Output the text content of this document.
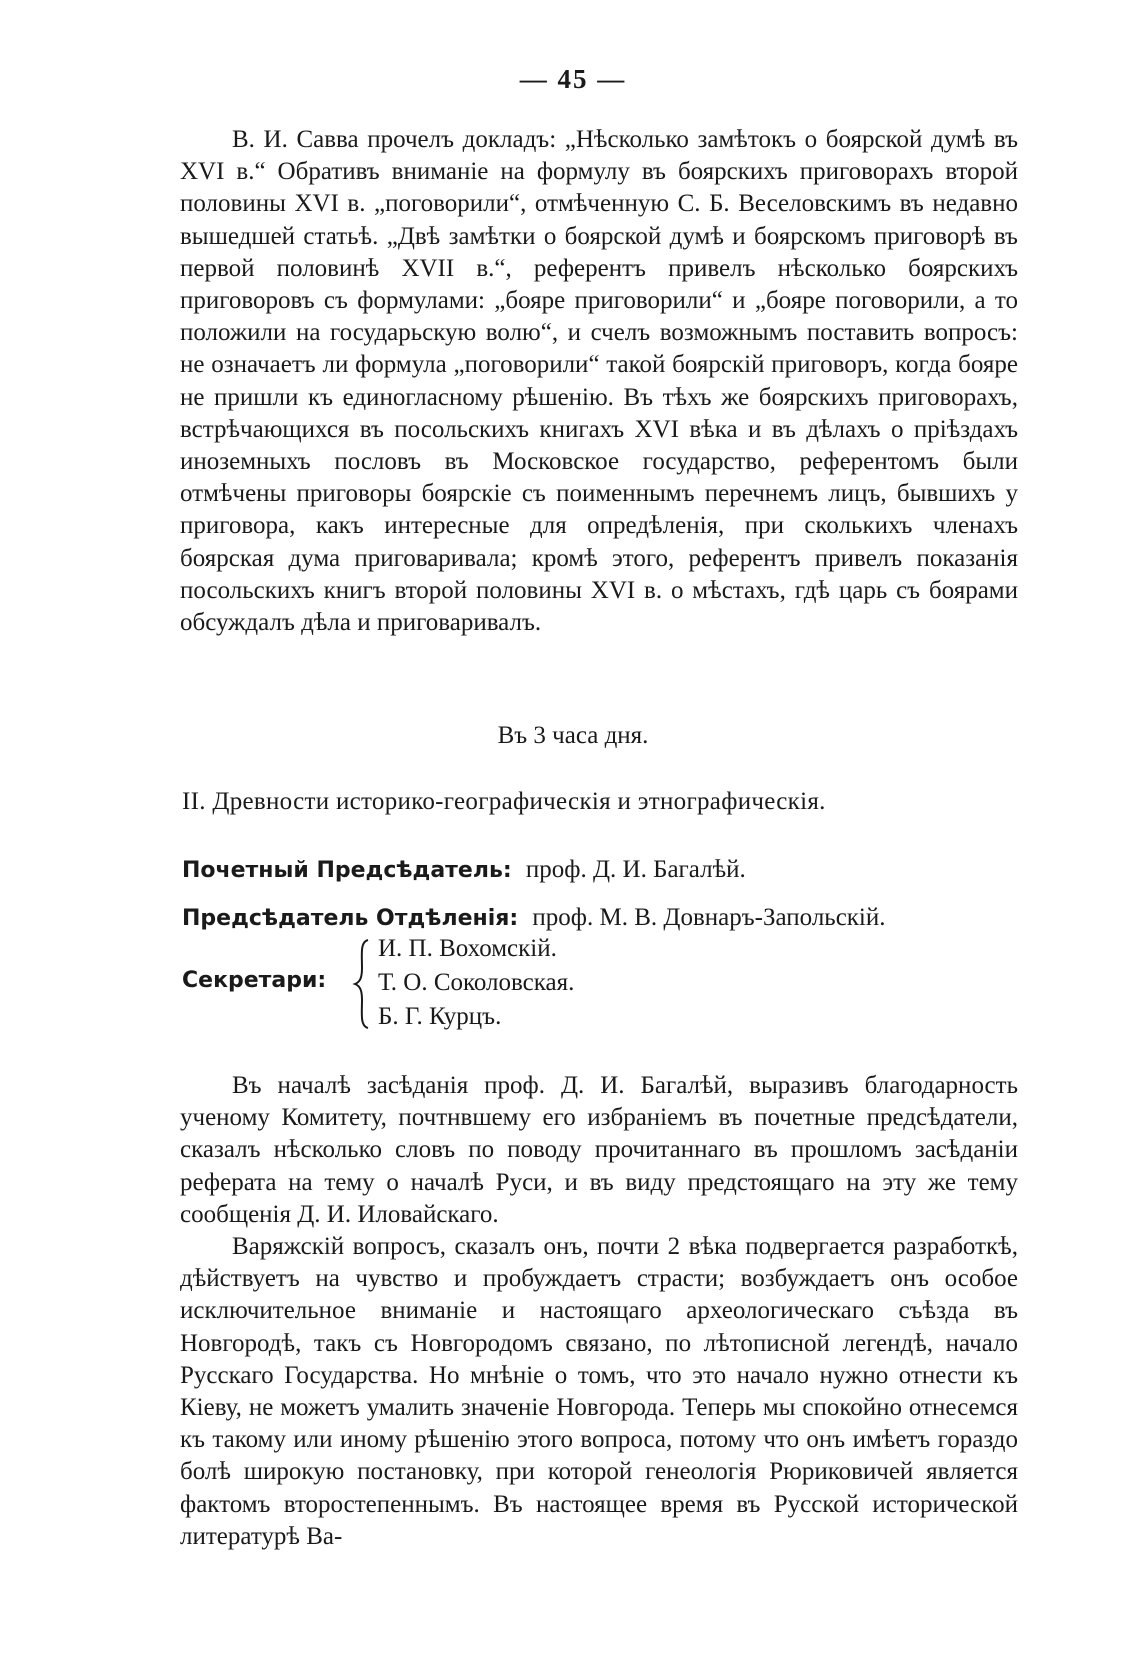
— 45 —

В. И. Савва прочелъ докладъ: „Нѣсколько замѣтокъ о боярской думѣ въ XVI в.“ Обративъ вниманіе на формулу въ боярскихъ приговорахъ второй половины XVI в. „поговорили“, отмѣченную С. Б. Веселовскимъ въ недавно вышедшей статьѣ. „Двѣ замѣтки о боярской думѣ и боярскомъ приговорѣ въ первой половинѣ XVII в.“, референтъ привелъ нѣсколько боярскихъ приговоровъ съ формулами: „бояре приговорили“ и „бояре поговорили, а то положили на государьскую волю“, и счелъ возможнымъ поставить вопросъ: не означаетъ ли формула „поговорили“ такой боярскій приговоръ, когда бояре не пришли къ единогласному рѣшенію. Въ тѣхъ же боярскихъ приговорахъ, встрѣчающихся въ посольскихъ книгахъ XVI вѣка и въ дѣлахъ о пріѣздахъ иноземныхъ пословъ въ Московское государство, референтомъ были отмѣчены приговоры боярскіе съ поименнымъ перечнемъ лицъ, бывшихъ у приговора, какъ интересные для опредѣленія, при сколькихъ членахъ боярская дума приговаривала; кромѣ этого, референтъ привелъ показанія посольскихъ книгъ второй половины XVI в. о мѣстахъ, гдѣ царь съ боярами обсуждалъ дѣла и приговаривалъ.

Въ 3 часа дня.
II. Древности историко-географическія и этнографическія.
Почетный Предсѣдатель: проф. Д. И. Багалѣй.
Предсѣдатель Отдѣленія: проф. М. В. Довнаръ-Запольскій.
Секретари:
И. П. Вохомскій.
Т. О. Соколовская.
Б. Г. Курцъ.

Въ началѣ засѣданія проф. Д. И. Багалѣй, выразивъ благодарность ученому Комитету, почтнвшему его избраніемъ въ почетные предсѣдатели, сказалъ нѣсколько словъ по поводу прочитаннаго въ прошломъ засѣданіи реферата на тему о началѣ Руси, и въ виду предстоящаго на эту же тему сообщенія Д. И. Иловайскаго.

Варяжскій вопросъ, сказалъ онъ, почти 2 вѣка подвергается разработкѣ, дѣйствуетъ на чувство и пробуждаетъ страсти; возбуждаетъ онъ особое исключительное вниманіе и настоящаго археологическаго съѣзда въ Новгородѣ, такъ съ Новгородомъ связано, по лѣтописной легендѣ, начало Русскаго Государства. Но мнѣніе о томъ, что это начало нужно отнести къ Кіеву, не можетъ умалить значеніе Новгорода. Теперь мы спокойно отнесемся къ такому или иному рѣшенію этого вопроса, потому что онъ имѣетъ гораздо болѣ широкую постановку, при которой генеологія Рюриковичей является фактомъ второстепеннымъ. Въ настоящее время въ Русской исторической литературѣ Ва-
